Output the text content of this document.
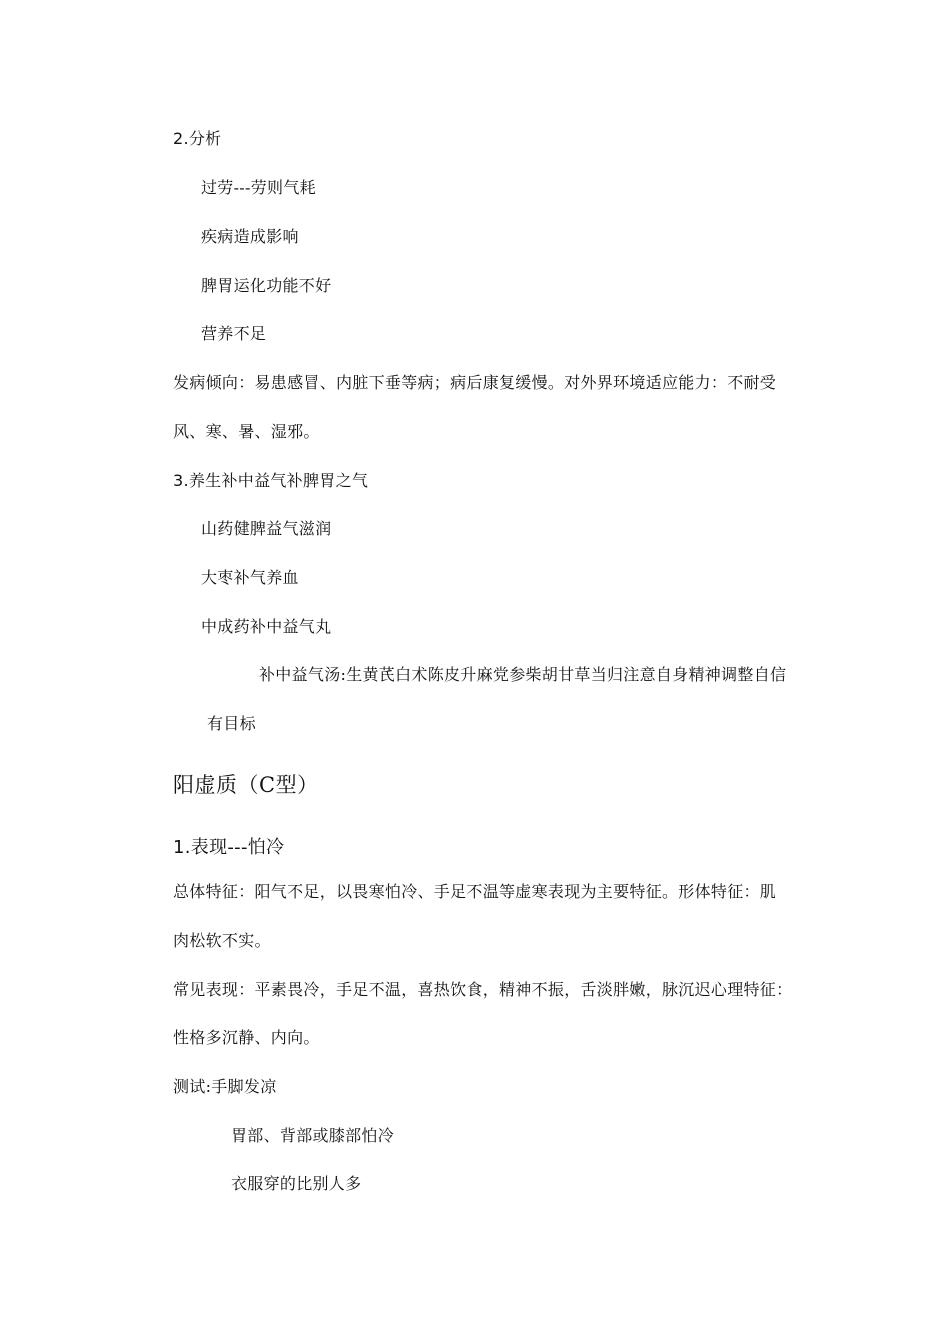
2.分析
过劳---劳则气耗
疾病造成影响
脾胃运化功能不好
营养不足
发病倾向：易患感冒、内脏下垂等病；病后康复缓慢。对外界环境适应能力：不耐受
风、寒、暑、湿邪。
3.养生补中益气补脾胃之气
山药健脾益气滋润
大枣补气养血
中成药补中益气丸
补中益气汤:生黄芪白术陈皮升麻党参柴胡甘草当归注意自身精神调整自信
有目标
阳虚质（C型）
1.表现---怕冷
总体特征：阳气不足，以畏寒怕冷、手足不温等虚寒表现为主要特征。形体特征：肌
肉松软不实。
常见表现：平素畏冷，手足不温，喜热饮食，精神不振，舌淡胖嫩，脉沉迟心理特征：
性格多沉静、内向。
测试:手脚发凉
胃部、背部或膝部怕冷
衣服穿的比别人多
